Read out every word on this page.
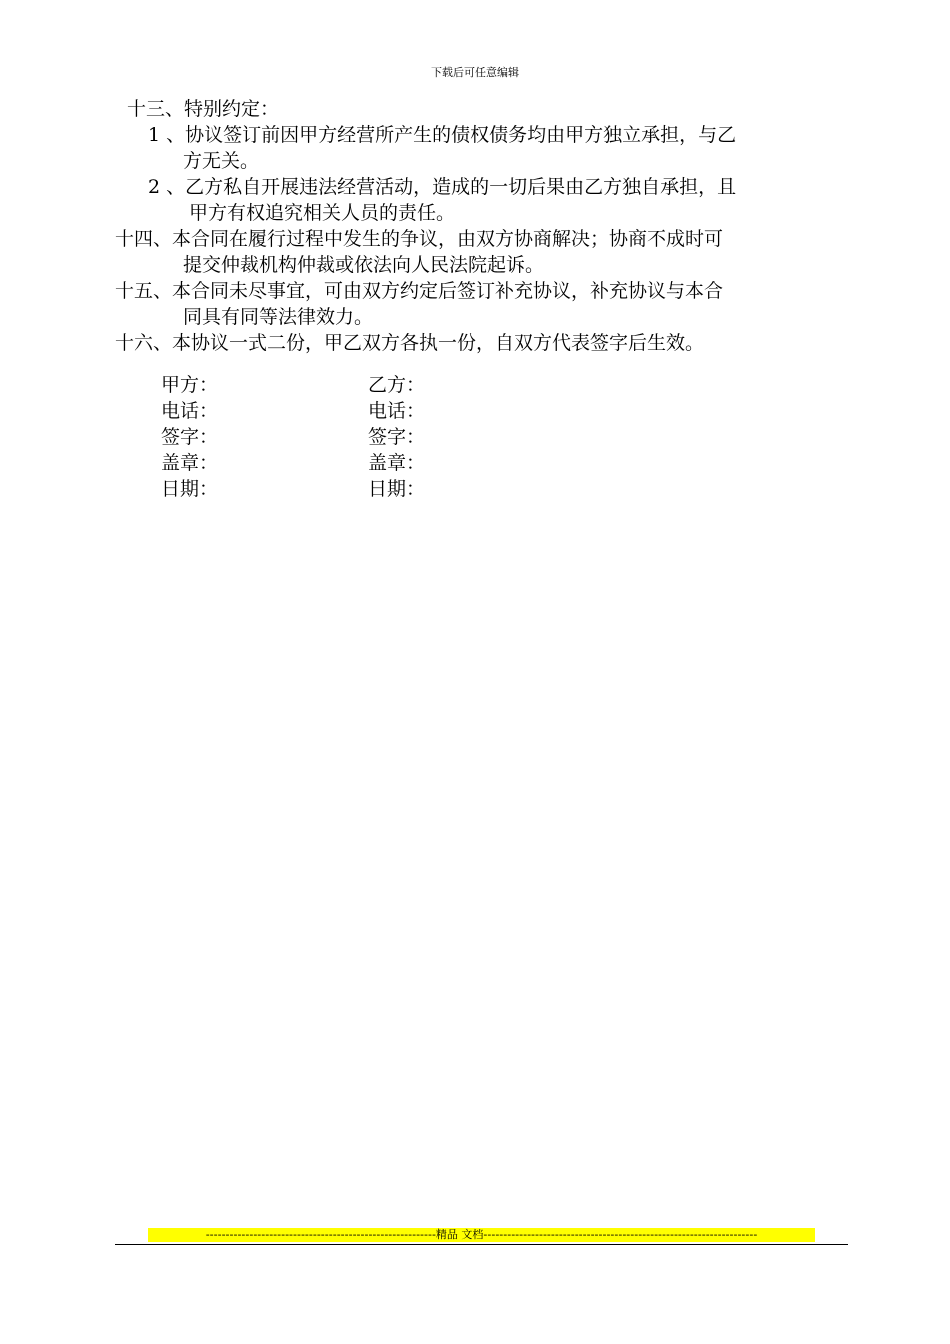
下载后可任意编辑

十三、特别约定：

1 、协议签订前因甲方经营所产生的债权债务均由甲方独立承担，与乙

方无关。

2 、乙方私自开展违法经营活动，造成的一切后果由乙方独自承担，且

甲方有权追究相关人员的责任。

十四、本合同在履行过程中发生的争议，由双方协商解决；协商不成时可

提交仲裁机构仲裁或依法向人民法院起诉。

十五、本合同未尽事宜，可由双方约定后签订补充协议，补充协议与本合

同具有同等法律效力。

十六、本协议一式二份，甲乙双方各执一份，自双方代表签字后生效。

甲方：	乙方：
电话：	电话：
签字：	签字：
盖章：	盖章：
日期：	日期：
----------------------------------------------------------精品 文档---------------------------------------------------------------------
